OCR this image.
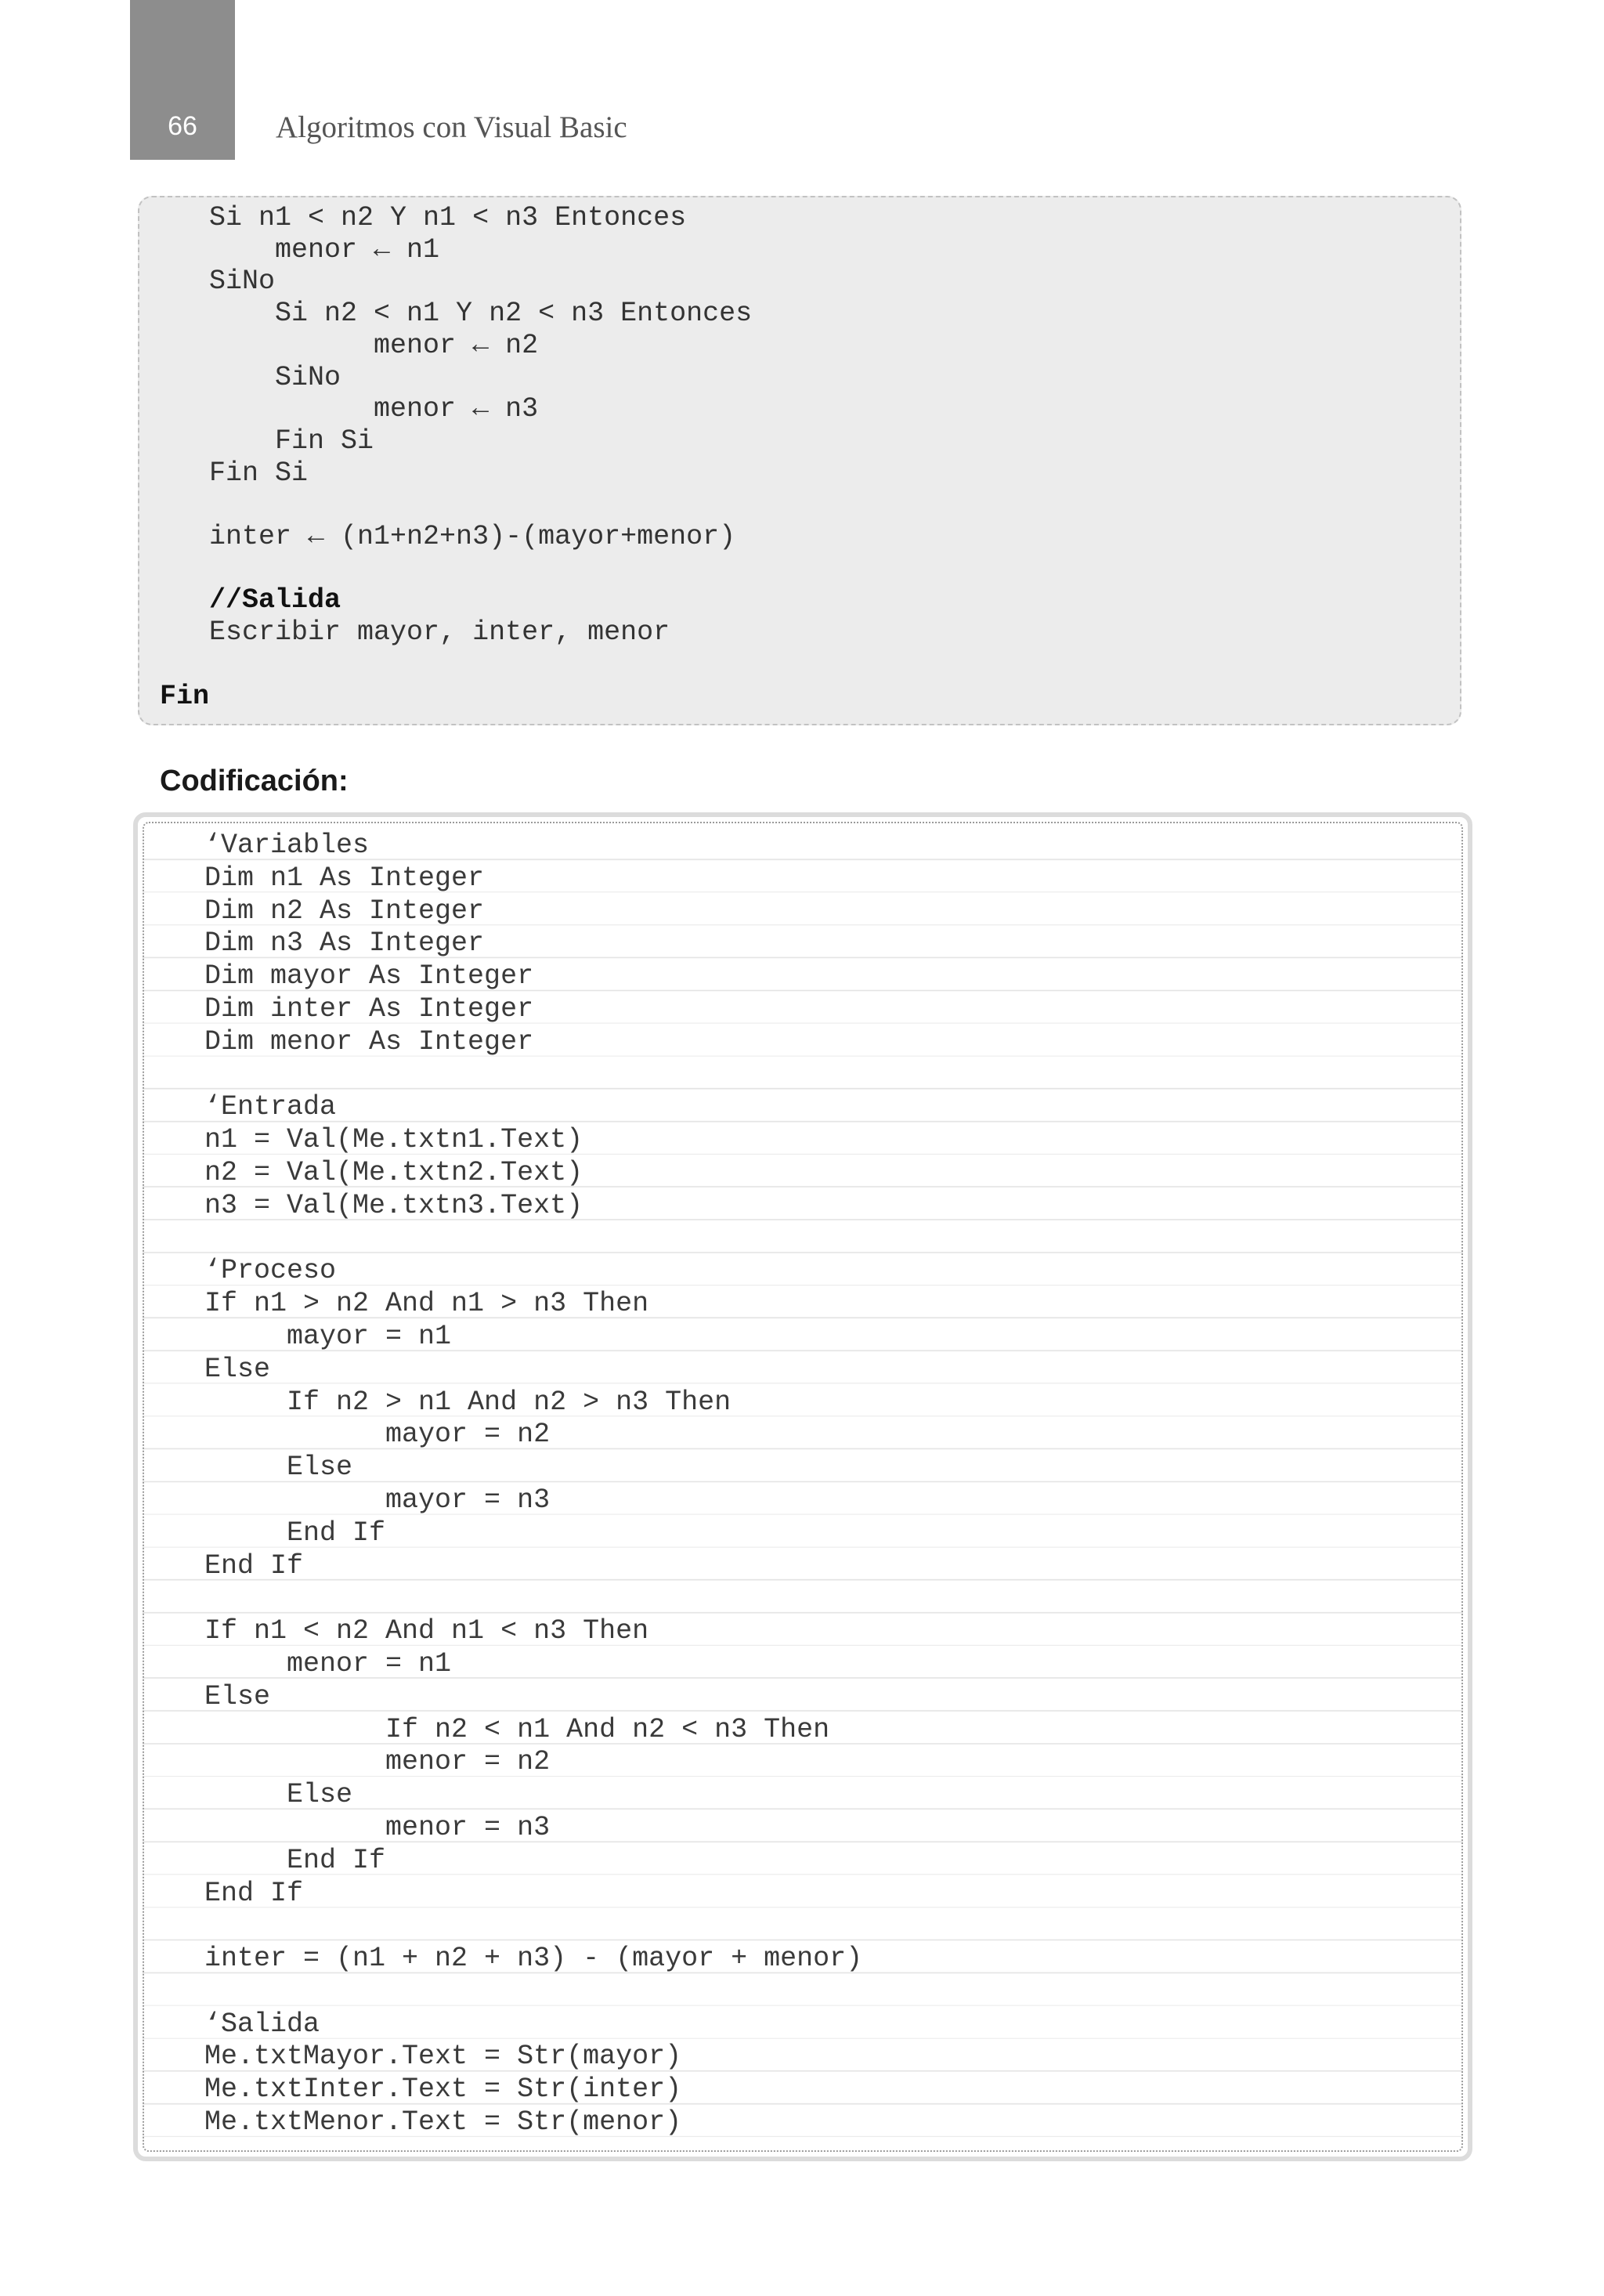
66	Algoritmos con Visual Basic
Si n1 < n2 Y n1 < n3 Entonces
menor ← n1
SiNo
Si n2 < n1 Y n2 < n3 Entonces
menor ← n2
SiNo
menor ← n3
Fin Si
Fin Si

inter ← (n1+n2+n3)-(mayor+menor)

//Salida
Escribir mayor, inter, menor

Fin
Codificación:
‘Variables
Dim n1 As Integer
Dim n2 As Integer
Dim n3 As Integer
Dim mayor As Integer
Dim inter As Integer
Dim menor As Integer

‘Entrada
n1 = Val(Me.txtn1.Text)
n2 = Val(Me.txtn2.Text)
n3 = Val(Me.txtn3.Text)

‘Proceso
If n1 > n2 And n1 > n3 Then
mayor = n1
Else
If n2 > n1 And n2 > n3 Then
mayor = n2
Else
mayor = n3
End If
End If

If n1 < n2 And n1 < n3 Then
menor = n1
Else
If n2 < n1 And n2 < n3 Then
menor = n2
Else
menor = n3
End If
End If

inter = (n1 + n2 + n3) - (mayor + menor)

‘Salida
Me.txtMayor.Text = Str(mayor)
Me.txtInter.Text = Str(inter)
Me.txtMenor.Text = Str(menor)
